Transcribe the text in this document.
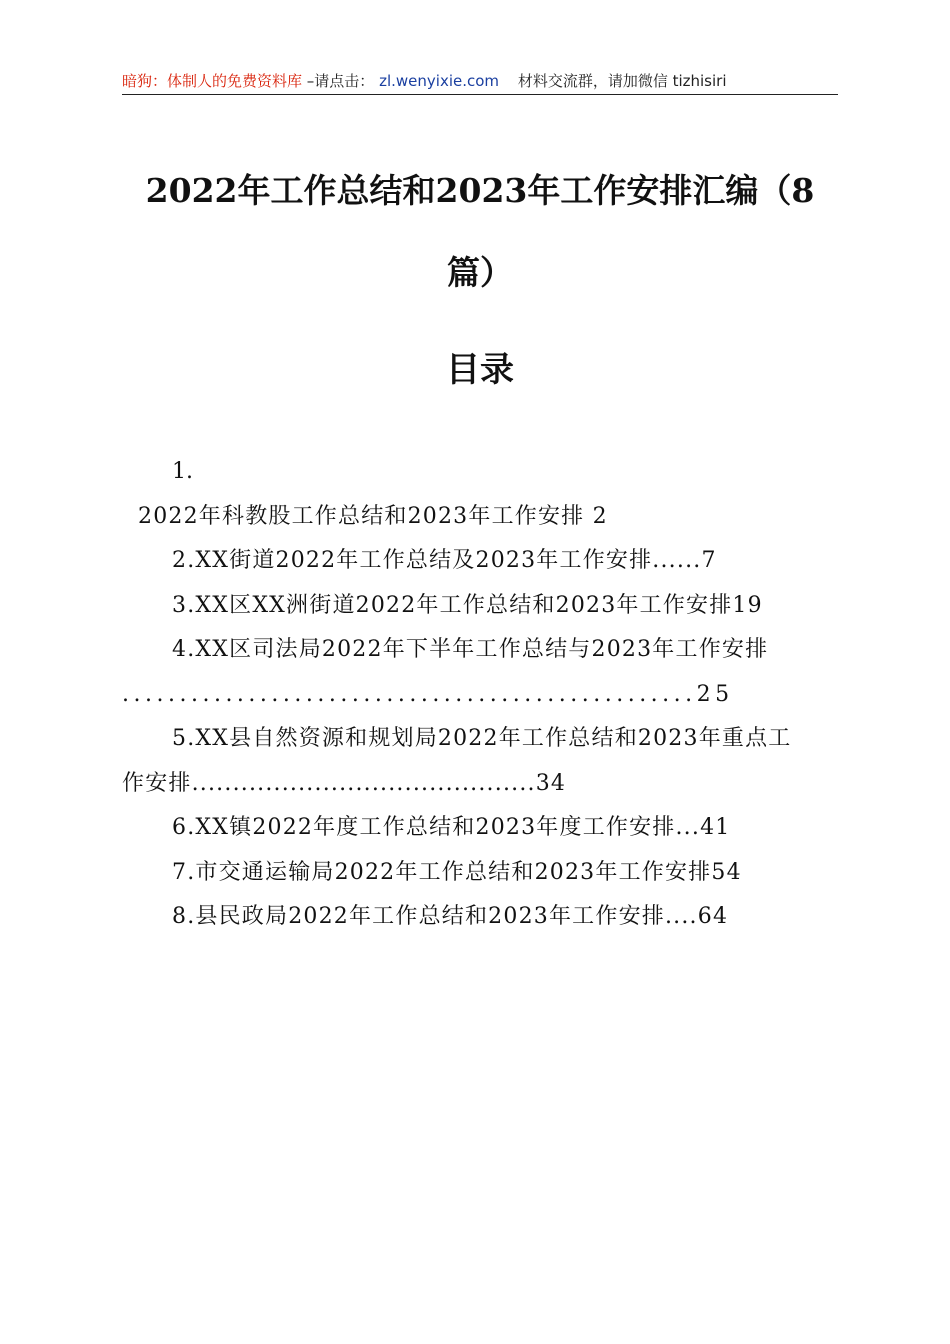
暗狗：体制人的免费资料库 –请点击： zl.wenyixie.com 材料交流群，请加微信 tizhisiri
2022年工作总结和2023年工作安排汇编（8
篇）
目录
1.
2022年科教股工作总结和2023年工作安排 2
2.XX街道2022年工作总结及2023年工作安排......7
3.XX区XX洲街道2022年工作总结和2023年工作安排19
4.XX区司法局2022年下半年工作总结与2023年工作安排
..................................................25
5.XX县自然资源和规划局2022年工作总结和2023年重点工
作安排..........................................34
6.XX镇2022年度工作总结和2023年度工作安排...41
7.市交通运输局2022年工作总结和2023年工作安排54
8.县民政局2022年工作总结和2023年工作安排....64
